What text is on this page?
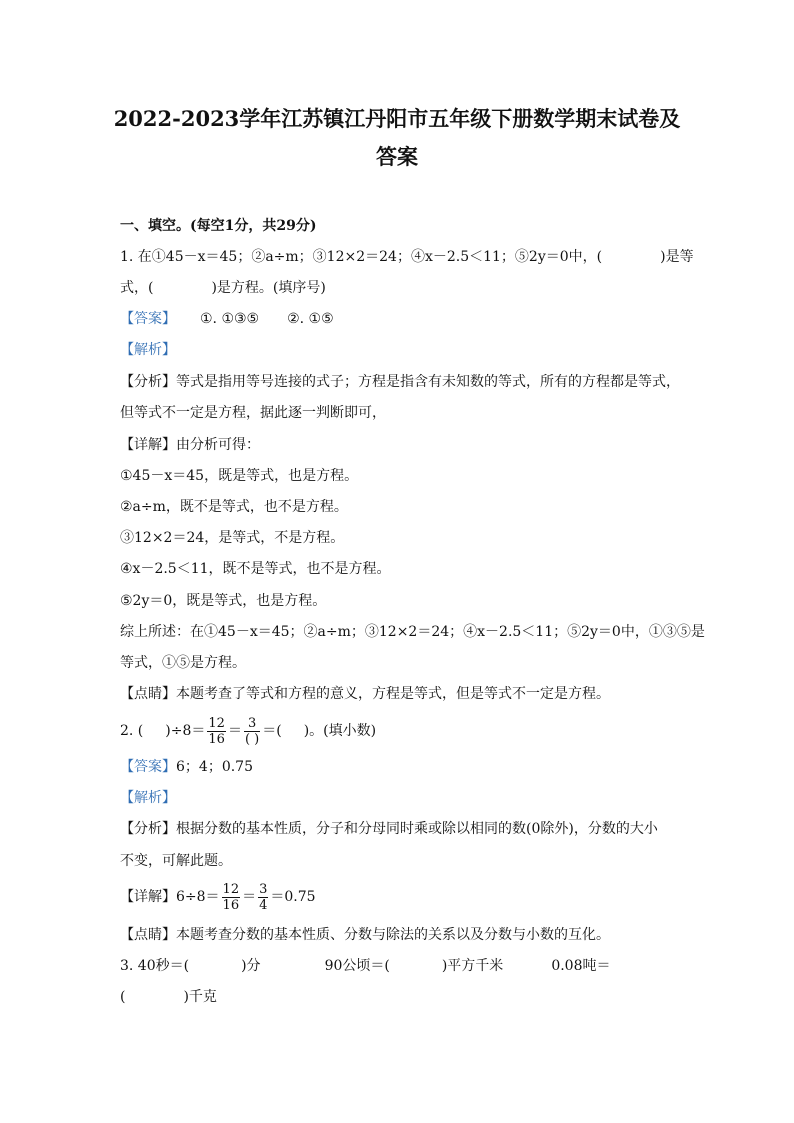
2022-2023学年江苏镇江丹阳市五年级下册数学期末试卷及
答案
一、填空。(每空1分，共29分)
1. 在①45－x＝45；②a÷m；③12×2＝24；④x－2.5＜11；⑤2y＝0中，(	)是等
式，(	)是方程。(填序号)
【答案】 ①. ①③⑤ ②. ①⑤
【解析】
【分析】等式是指用等号连接的式子；方程是指含有未知数的等式，所有的方程都是等式，
但等式不一定是方程，据此逐一判断即可，
【详解】由分析可得：
①45－x＝45，既是等式，也是方程。
②a÷m，既不是等式，也不是方程。
③12×2＝24，是等式，不是方程。
④x－2.5＜11，既不是等式，也不是方程。
⑤2y＝0，既是等式，也是方程。
综上所述：在①45－x＝45；②a÷m；③12×2＝24；④x－2.5＜11；⑤2y＝0中，①③⑤是
等式，①⑤是方程。
【点睛】本题考查了等式和方程的意义，方程是等式，但是等式不一定是方程。
2. ( )$\div 8= \frac{12}{16} = \frac{3}{( )}$ ＝( )。(填小数)
【答案】6；4；0.75
【解析】
【分析】根据分数的基本性质，分子和分母同时乘或除以相同的数(0除外)，分数的大小
不变，可解此题。
【详解】$6\div 8= \frac{12}{16} = \frac{3}{4} =0.75$
【点睛】本题考查分数的基本性质、分数与除法的关系以及分数与小数的互化。
3. 40秒＝(	)分	90公顷＝(	)平方千米	0.08吨＝
(	)千克
